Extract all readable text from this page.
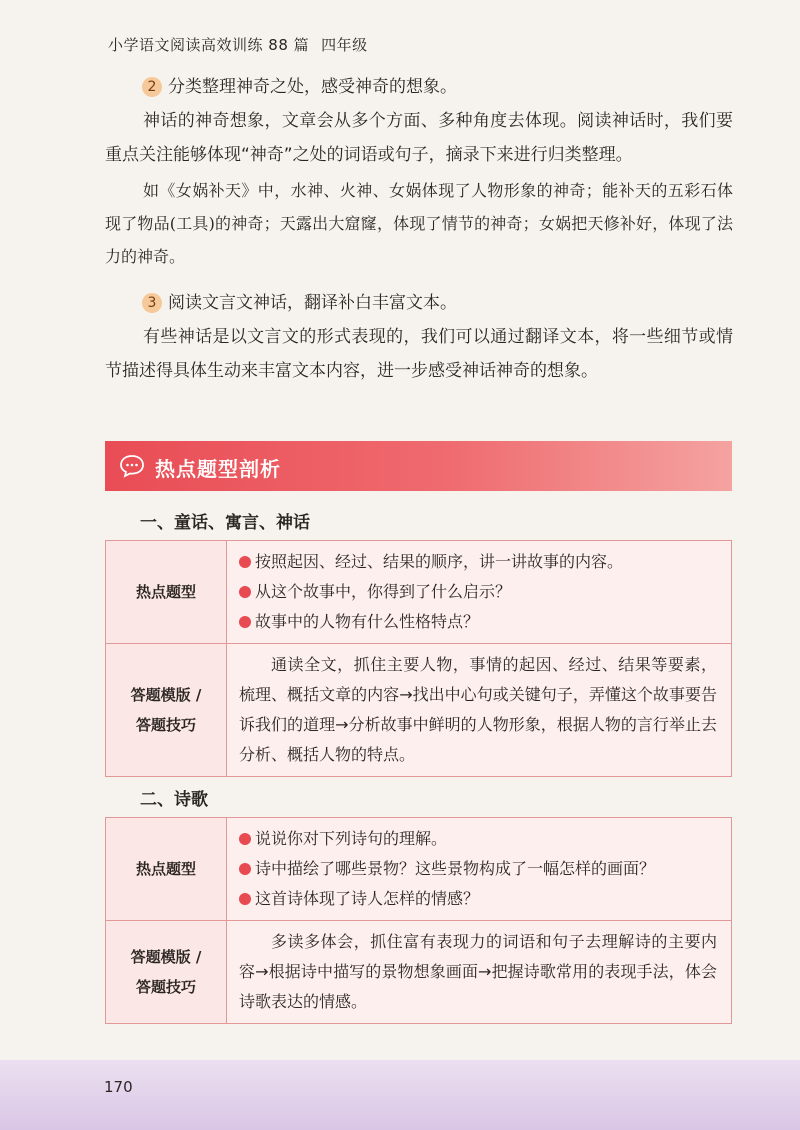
小学语文阅读高效训练 88 篇 四年级
2 分类整理神奇之处，感受神奇的想象。
神话的神奇想象，文章会从多个方面、多种角度去体现。阅读神话时，我们要重点关注能够体现“神奇”之处的词语或句子，摘录下来进行归类整理。
如《女娲补天》中，水神、火神、女娲体现了人物形象的神奇；能补天的五彩石体现了物品(工具)的神奇；天露出大窟窿，体现了情节的神奇；女娲把天修补好，体现了法力的神奇。
3 阅读文言文神话，翻译补白丰富文本。
有些神话是以文言文的形式表现的，我们可以通过翻译文本，将一些细节或情节描述得具体生动来丰富文本内容，进一步感受神话神奇的想象。
热点题型剖析
一、童话、寓言、神话
热点题型	按照起因、经过、结果的顺序，讲一讲故事的内容。
从这个故事中，你得到了什么启示？
故事中的人物有什么性格特点？

答题模版 /
答题技巧	通读全文，抓住主要人物，事情的起因、经过、结果等要素，梳理、概括文章的内容→找出中心句或关键句子，弄懂这个故事要告诉我们的道理→分析故事中鲜明的人物形象，根据人物的言行举止去分析、概括人物的特点。
二、诗歌
热点题型	说说你对下列诗句的理解。
诗中描绘了哪些景物？这些景物构成了一幅怎样的画面？
这首诗体现了诗人怎样的情感？

答题模版 /
答题技巧	多读多体会，抓住富有表现力的词语和句子去理解诗的主要内容→根据诗中描写的景物想象画面→把握诗歌常用的表现手法，体会诗歌表达的情感。
170
